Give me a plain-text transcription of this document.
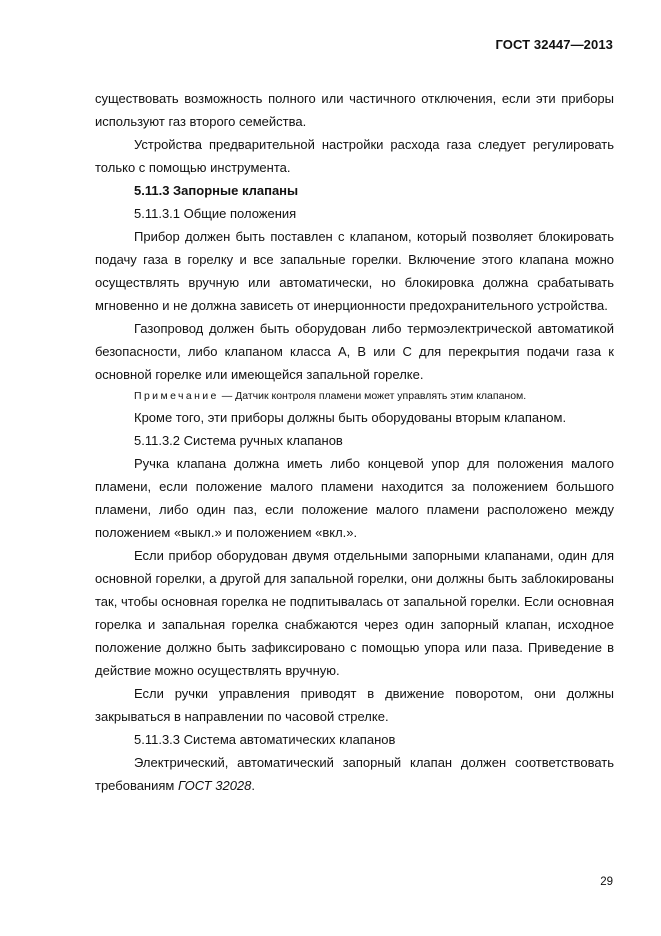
ГОСТ 32447—2013

существовать возможность полного или частичного отключения, если эти приборы используют газ второго семейства.

Устройства предварительной настройки расхода газа следует регулировать только с помощью инструмента.

5.11.3 Запорные клапаны

5.11.3.1 Общие положения

Прибор должен быть поставлен с клапаном, который позволяет блокировать подачу газа в горелку и все запальные горелки. Включение этого клапана можно осуществлять вручную или автоматически, но блокировка должна срабатывать мгновенно и не должна зависеть от инерционности предохранительного устройства.

Газопровод должен быть оборудован либо термоэлектрической автоматикой безопасности, либо клапаном класса А, В или С для перекрытия подачи газа к основной горелке или имеющейся запальной горелке.

Примечание — Датчик контроля пламени может управлять этим клапаном.

Кроме того, эти приборы должны быть оборудованы вторым клапаном.

5.11.3.2 Система ручных клапанов

Ручка клапана должна иметь либо концевой упор для положения малого пламени, если положение малого пламени находится за положением большого пламени, либо один паз, если положение малого пламени расположено между положением «выкл.» и положением «вкл.».

Если прибор оборудован двумя отдельными запорными клапанами, один для основной горелки, а другой для запальной горелки, они должны быть заблокированы так, чтобы основная горелка не подпитывалась от запальной горелки. Если основная горелка и запальная горелка снабжаются через один запорный клапан, исходное положение должно быть зафиксировано с помощью упора или паза. Приведение в действие можно осуществлять вручную.

Если ручки управления приводят в движение поворотом, они должны закрываться в направлении по часовой стрелке.

5.11.3.3 Система автоматических клапанов

Электрический, автоматический запорный клапан должен соответствовать требованиям ГОСТ 32028.

29
